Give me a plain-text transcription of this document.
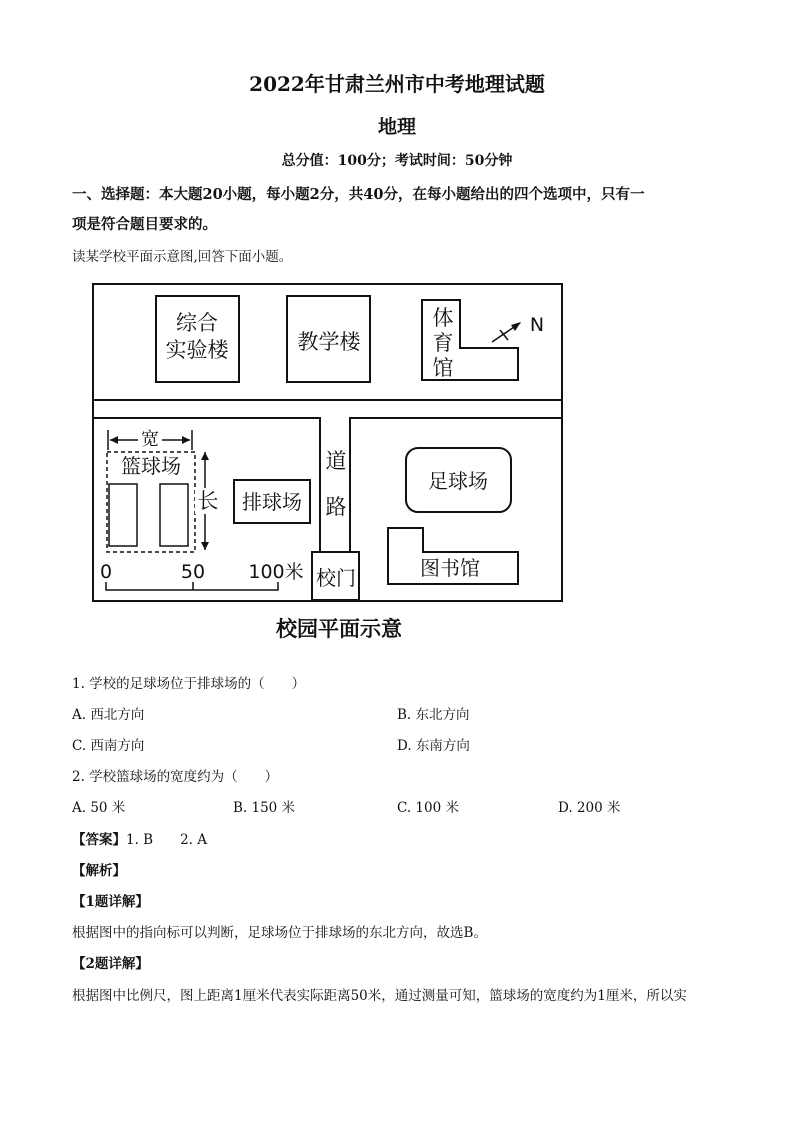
2022年甘肃兰州市中考地理试题
地理
总分值：100分；考试时间：50分钟
一、选择题：本大题20小题，每小题2分，共40分，在每小题给出的四个选项中，只有一
项是符合题目要求的。
读某学校平面示意图,回答下面小题。
综合
实验楼	教学楼
体
育
馆
N
道
路
宽
篮球场
长 排球场
足球场
图书馆
校门
0	50 100米
校园平面示意
1. 学校的足球场位于排球场的（　　）
A. 西北方向	B. 东北方向
C. 西南方向	D. 东南方向
2. 学校篮球场的宽度约为（　　）
A. 50 米	B. 150 米	C. 100 米	D. 200 米
【答案】1. B　　2. A
【解析】
【1题详解】
根据图中的指向标可以判断，足球场位于排球场的东北方向，故选B。
【2题详解】
根据图中比例尺，图上距离1厘米代表实际距离50米，通过测量可知，篮球场的宽度约为1厘米，所以实
